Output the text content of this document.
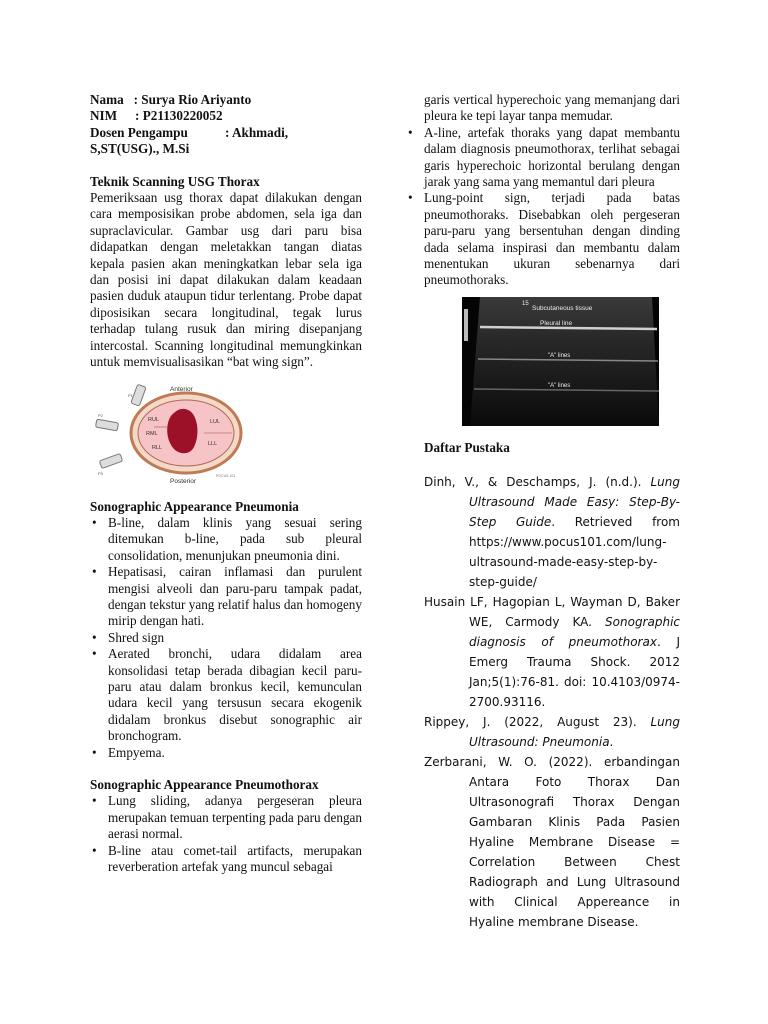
Nama : Surya Rio Ariyanto
NIM : P21130220052
Dosen Pengampu	: Akhmadi,
S,ST(USG)., M.Si

Teknik Scanning USG Thorax

Pemeriksaan usg thorax dapat dilakukan dengan cara memposisikan probe abdomen, sela iga dan supraclavicular. Gambar usg dari paru bisa didapatkan dengan meletakkan tangan diatas kepala pasien akan meningkatkan lebar sela iga dan posisi ini dapat dilakukan dalam keadaan pasien duduk ataupun tidur terlentang. Probe dapat diposisikan secara longitudinal, tegak lurus terhadap tulang rusuk dan miring disepanjang intercostal. Scanning longitudinal memungkinkan untuk memvisualisasikan “bat wing sign”.

RUL
RML
RLL
LUL
LLL
Anterior
Posterior
P1
P2
P3	POCUS 101

Sonographic Appearance Pneumonia

• B-line, dalam klinis yang sesuai sering ditemukan b-line, pada sub pleural consolidation, menunjukan pneumonia dini.
• Hepatisasi, cairan inflamasi dan purulent mengisi alveoli dan paru-paru tampak padat, dengan tekstur yang relatif halus dan homogeny mirip dengan hati.
• Shred sign
• Aerated bronchi, udara didalam area konsolidasi tetap berada dibagian kecil paru-paru atau dalam bronkus kecil, kemunculan udara kecil yang tersusun secara ekogenik didalam bronkus disebut sonographic air bronchogram.
• Empyema.

Sonographic Appearance Pneumothorax

• Lung sliding, adanya pergeseran pleura merupakan temuan terpenting pada paru dengan aerasi normal.
• B-line atau comet-tail artifacts, merupakan reverberation artefak yang muncul sebagai

garis vertical hyperechoic yang memanjang dari pleura ke tepi layar tanpa memudar.

• A-line, artefak thoraks yang dapat membantu dalam diagnosis pneumothorax, terlihat sebagai garis hyperechoic horizontal berulang dengan jarak yang sama yang memantul dari pleura
• Lung-point sign, terjadi pada batas pneumothoraks. Disebabkan oleh pergeseran paru-paru yang bersentuhan dengan dinding dada selama inspirasi dan membantu dalam menentukan ukuran sebenarnya dari pneumothoraks.
15
Subcutaneous tissue
Pleural line
"A" lines
"A" lines

Daftar Pustaka

Dinh, V., & Deschamps, J. (n.d.). Lung Ultrasound Made Easy: Step-By-Step Guide. Retrieved from https://www.pocus101.com/lung-ultrasound-made-easy-step-by-step-guide/

Husain LF, Hagopian L, Wayman D, Baker WE, Carmody KA. Sonographic diagnosis of pneumothorax. J Emerg Trauma Shock. 2012 Jan;5(1):76-81. doi: 10.4103/0974-2700.93116.

Rippey, J. (2022, August 23). Lung Ultrasound: Pneumonia.

Zerbarani, W. O. (2022). erbandingan Antara Foto Thorax Dan Ultrasonografi Thorax Dengan Gambaran Klinis Pada Pasien Hyaline Membrane Disease = Correlation Between Chest Radiograph and Lung Ultrasound with Clinical Appereance in Hyaline membrane Disease.
